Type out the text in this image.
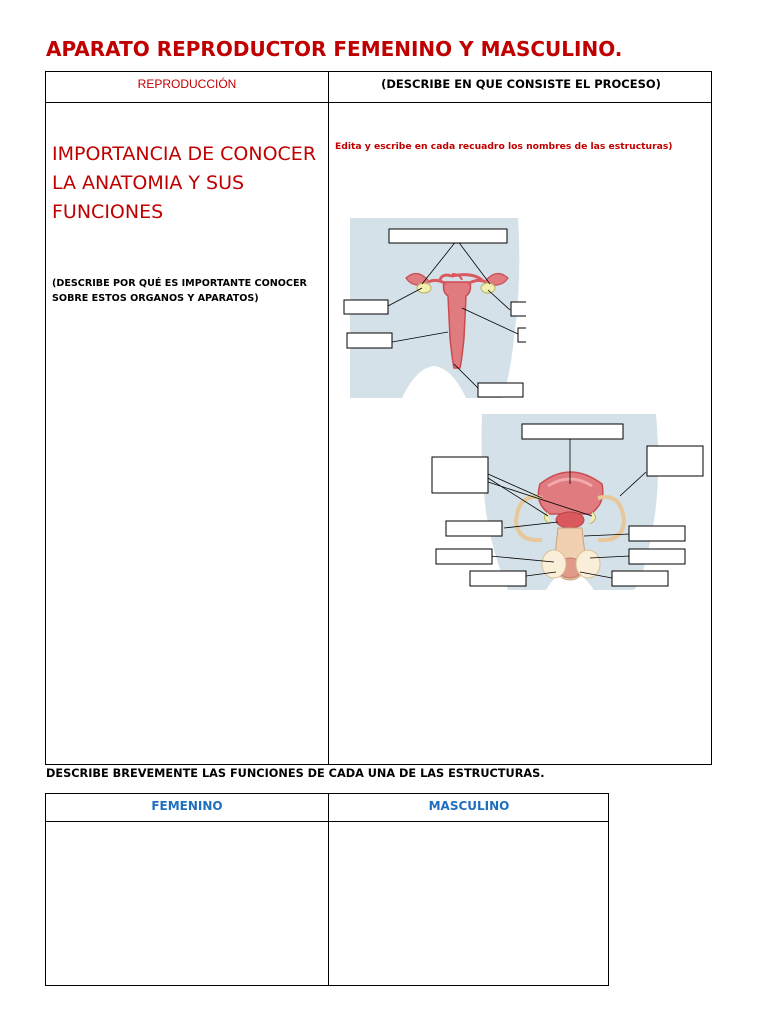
APARATO REPRODUCTOR FEMENINO Y MASCULINO.
REPRODUCCIÓN	(DESCRIBE EN QUE CONSISTE EL PROCESO)
IMPORTANCIA DE CONOCER LA ANATOMIA Y SUS FUNCIONES
(DESCRIBE POR QUÉ ES IMPORTANTE CONOCER SOBRE ESTOS ORGANOS Y APARATOS)
Edita y escribe en cada recuadro los nombres de las estructuras)
DESCRIBE BREVEMENTE LAS FUNCIONES DE CADA UNA DE LAS ESTRUCTURAS.
FEMENINO	MASCULINO
